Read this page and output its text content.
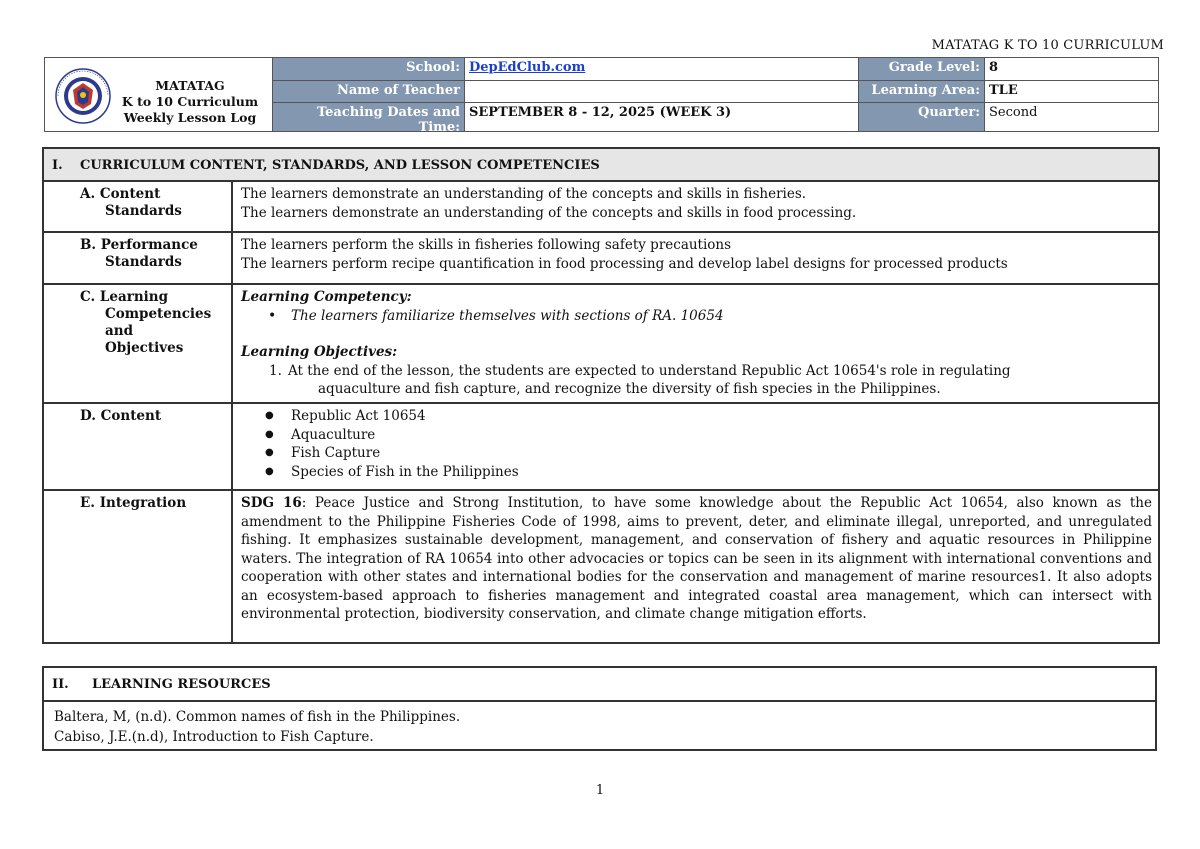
MATATAG K TO 10 CURRICULUM
MATATAG
K to 10 Curriculum
Weekly Lesson Log
School: DepEdClub.com	Grade Level: 8
Name of Teacher	Learning Area: TLE
Teaching Dates and Time:
SEPTEMBER 8 - 12, 2025 (WEEK 3)	Quarter: Second
I. CURRICULUM CONTENT, STANDARDS, AND LESSON COMPETENCIES
A. Content
Standards
The learners demonstrate an understanding of the concepts and skills in fisheries.
The learners demonstrate an understanding of the concepts and skills in food processing.
B. Performance
Standards
The learners perform the skills in fisheries following safety precautions
The learners perform recipe quantification in food processing and develop label designs for processed products
C. Learning
Competencies
and
Objectives
Learning Competency:
• The learners familiarize themselves with sections of RA. 10654
Learning Objectives:
1. At the end of the lesson, the students are expected to understand Republic Act 10654's role in regulating
aquaculture and fish capture, and recognize the diversity of fish species in the Philippines.
D. Content
●	Republic Act 10654
● Aquaculture
● Fish Capture
● Species of Fish in the Philippines
E. Integration	SDG 16: Peace Justice and Strong Institution, to have some knowledge about the Republic Act 10654, also known as the amendment to the Philippine Fisheries Code of 1998, aims to prevent, deter, and eliminate illegal, unreported, and unregulated fishing. It emphasizes sustainable development, management, and conservation of fishery and aquatic resources in Philippine waters. The integration of RA 10654 into other advocacies or topics can be seen in its alignment with international conventions and cooperation with other states and international bodies for the conservation and management of marine resources1. It also adopts an ecosystem-based approach to fisheries management and integrated coastal area management, which can intersect with environmental protection, biodiversity conservation, and climate change mitigation efforts.
II. LEARNING RESOURCES
Baltera, M, (n.d). Common names of fish in the Philippines.
Cabiso, J.E.(n.d), Introduction to Fish Capture.
1
